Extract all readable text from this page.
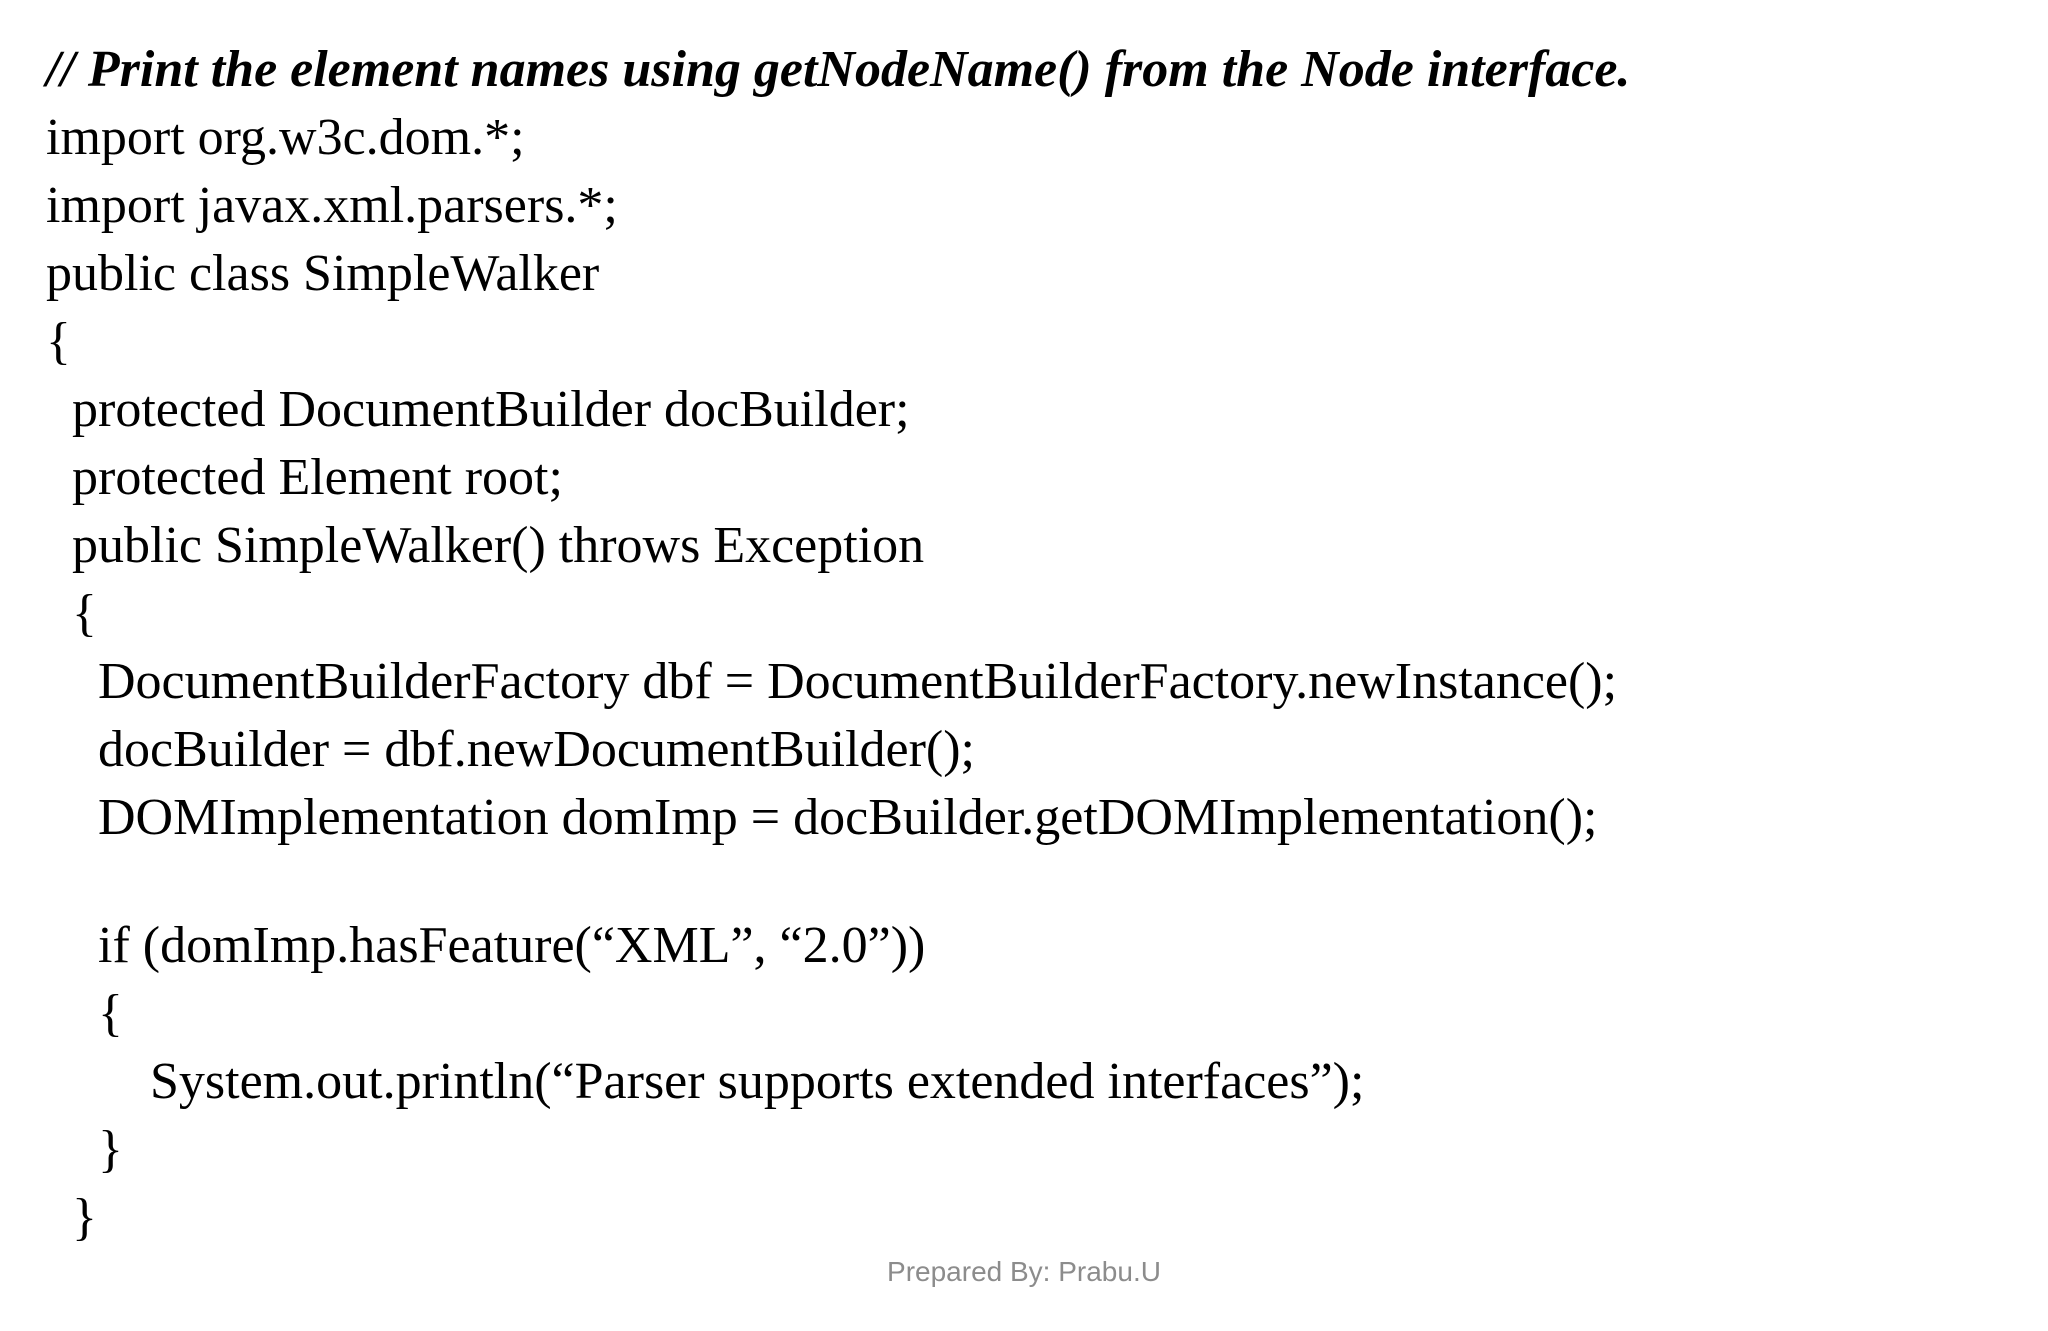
// Print the element names using getNodeName() from the Node interface.
import org.w3c.dom.*;
import javax.xml.parsers.*;
public class SimpleWalker
{
protected DocumentBuilder docBuilder;
protected Element root;
public SimpleWalker() throws Exception
{
DocumentBuilderFactory dbf = DocumentBuilderFactory.newInstance();
docBuilder = dbf.newDocumentBuilder();
DOMImplementation domImp = docBuilder.getDOMImplementation();
if (domImp.hasFeature(“XML”, “2.0”))
{
System.out.println(“Parser supports extended interfaces”);
}
}
Prepared By: Prabu.U
